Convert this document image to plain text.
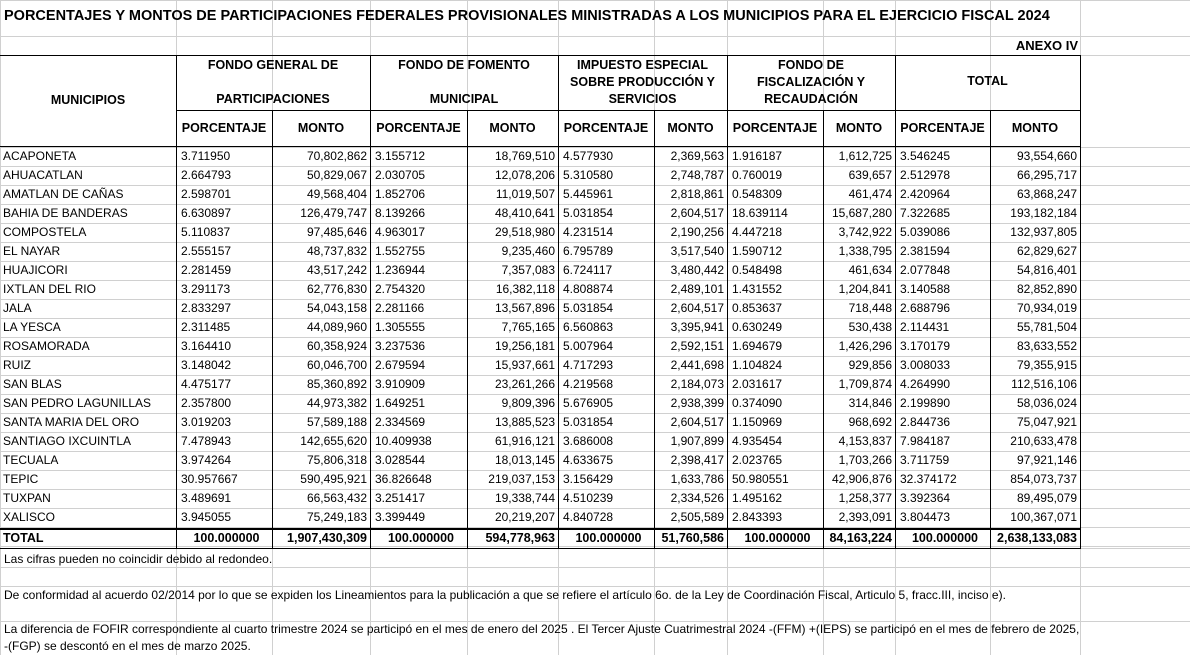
PORCENTAJES Y MONTOS DE PARTICIPACIONES FEDERALES PROVISIONALES MINISTRADAS A LOS MUNICIPIOS PARA EL EJERCICIO FISCAL 2024
ANEXO IV
MUNICIPIOS
FONDO GENERAL DE
PARTICIPACIONES
FONDO DE FOMENTO
MUNICIPAL
IMPUESTO ESPECIAL
SOBRE PRODUCCIÓN Y
SERVICIOS
FONDO DE
FISCALIZACIÓN Y
RECAUDACIÓN
TOTAL
PORCENTAJE	MONTO	PORCENTAJE	MONTO	PORCENTAJE	MONTO	PORCENTAJE	MONTO	PORCENTAJE	MONTO
ACAPONETA	3.711950	70,802,862 3.155712	18,769,510 4.577930	2,369,563 1.916187	1,612,725 3.546245	93,554,660
AHUACATLAN	2.664793	50,829,067 2.030705	12,078,206 5.310580	2,748,787 0.760019	639,657 2.512978	66,295,717
AMATLAN DE CAÑAS	2.598701	49,568,404 1.852706	11,019,507 5.445961	2,818,861 0.548309	461,474 2.420964	63,868,247
BAHIA DE BANDERAS	6.630897	126,479,747 8.139266	48,410,641 5.031854	2,604,517 18.639114	15,687,280 7.322685	193,182,184
COMPOSTELA	5.110837	97,485,646 4.963017	29,518,980 4.231514	2,190,256 4.447218	3,742,922 5.039086	132,937,805
EL NAYAR	2.555157	48,737,832 1.552755	9,235,460 6.795789	3,517,540 1.590712	1,338,795 2.381594	62,829,627
HUAJICORI	2.281459	43,517,242 1.236944	7,357,083 6.724117	3,480,442 0.548498	461,634 2.077848	54,816,401
IXTLAN DEL RIO	3.291173	62,776,830 2.754320	16,382,118 4.808874	2,489,101 1.431552	1,204,841 3.140588	82,852,890
JALA	2.833297	54,043,158 2.281166	13,567,896 5.031854	2,604,517 0.853637	718,448 2.688796	70,934,019
LA YESCA	2.311485	44,089,960 1.305555	7,765,165 6.560863	3,395,941 0.630249	530,438 2.114431	55,781,504
ROSAMORADA	3.164410	60,358,924 3.237536	19,256,181 5.007964	2,592,151 1.694679	1,426,296 3.170179	83,633,552
RUIZ	3.148042	60,046,700 2.679594	15,937,661 4.717293	2,441,698 1.104824	929,856 3.008033	79,355,915
SAN BLAS	4.475177	85,360,892 3.910909	23,261,266 4.219568	2,184,073 2.031617	1,709,874 4.264990	112,516,106
SAN PEDRO LAGUNILLAS	2.357800	44,973,382 1.649251	9,809,396 5.676905	2,938,399 0.374090	314,846 2.199890	58,036,024
SANTA MARIA DEL ORO	3.019203	57,589,188 2.334569	13,885,523 5.031854	2,604,517 1.150969	968,692 2.844736	75,047,921
SANTIAGO IXCUINTLA	7.478943	142,655,620 10.409938	61,916,121 3.686008	1,907,899 4.935454	4,153,837 7.984187	210,633,478
TECUALA	3.974264	75,806,318 3.028544	18,013,145 4.633675	2,398,417 2.023765	1,703,266 3.711759	97,921,146
TEPIC	30.957667	590,495,921 36.826648	219,037,153 3.156429	1,633,786 50.980551	42,906,876 32.374172	854,073,737
TUXPAN	3.489691	66,563,432 3.251417	19,338,744 4.510239	2,334,526 1.495162	1,258,377 3.392364	89,495,079
XALISCO	3.945055	75,249,183 3.399449	20,219,207 4.840728	2,505,589 2.843393	2,393,091 3.804473	100,367,071
TOTAL	100.000000	1,907,430,309	100.000000	594,778,963	100.000000	51,760,586	100.000000	84,163,224	100.000000	2,638,133,083
Las cifras pueden no coincidir debido al redondeo.
De conformidad al acuerdo 02/2014 por lo que se expiden los Lineamientos para la publicación a que se refiere el artículo 6o. de la Ley de Coordinación Fiscal, Articulo 5, fracc.III, inciso e).
La diferencia de FOFIR correspondiente al cuarto trimestre 2024 se participó en el mes de enero del 2025 . El Tercer Ajuste Cuatrimestral 2024 -(FFM) +(IEPS) se participó en el mes de febrero de 2025, -(FGP) se descontó en el mes de marzo 2025.
